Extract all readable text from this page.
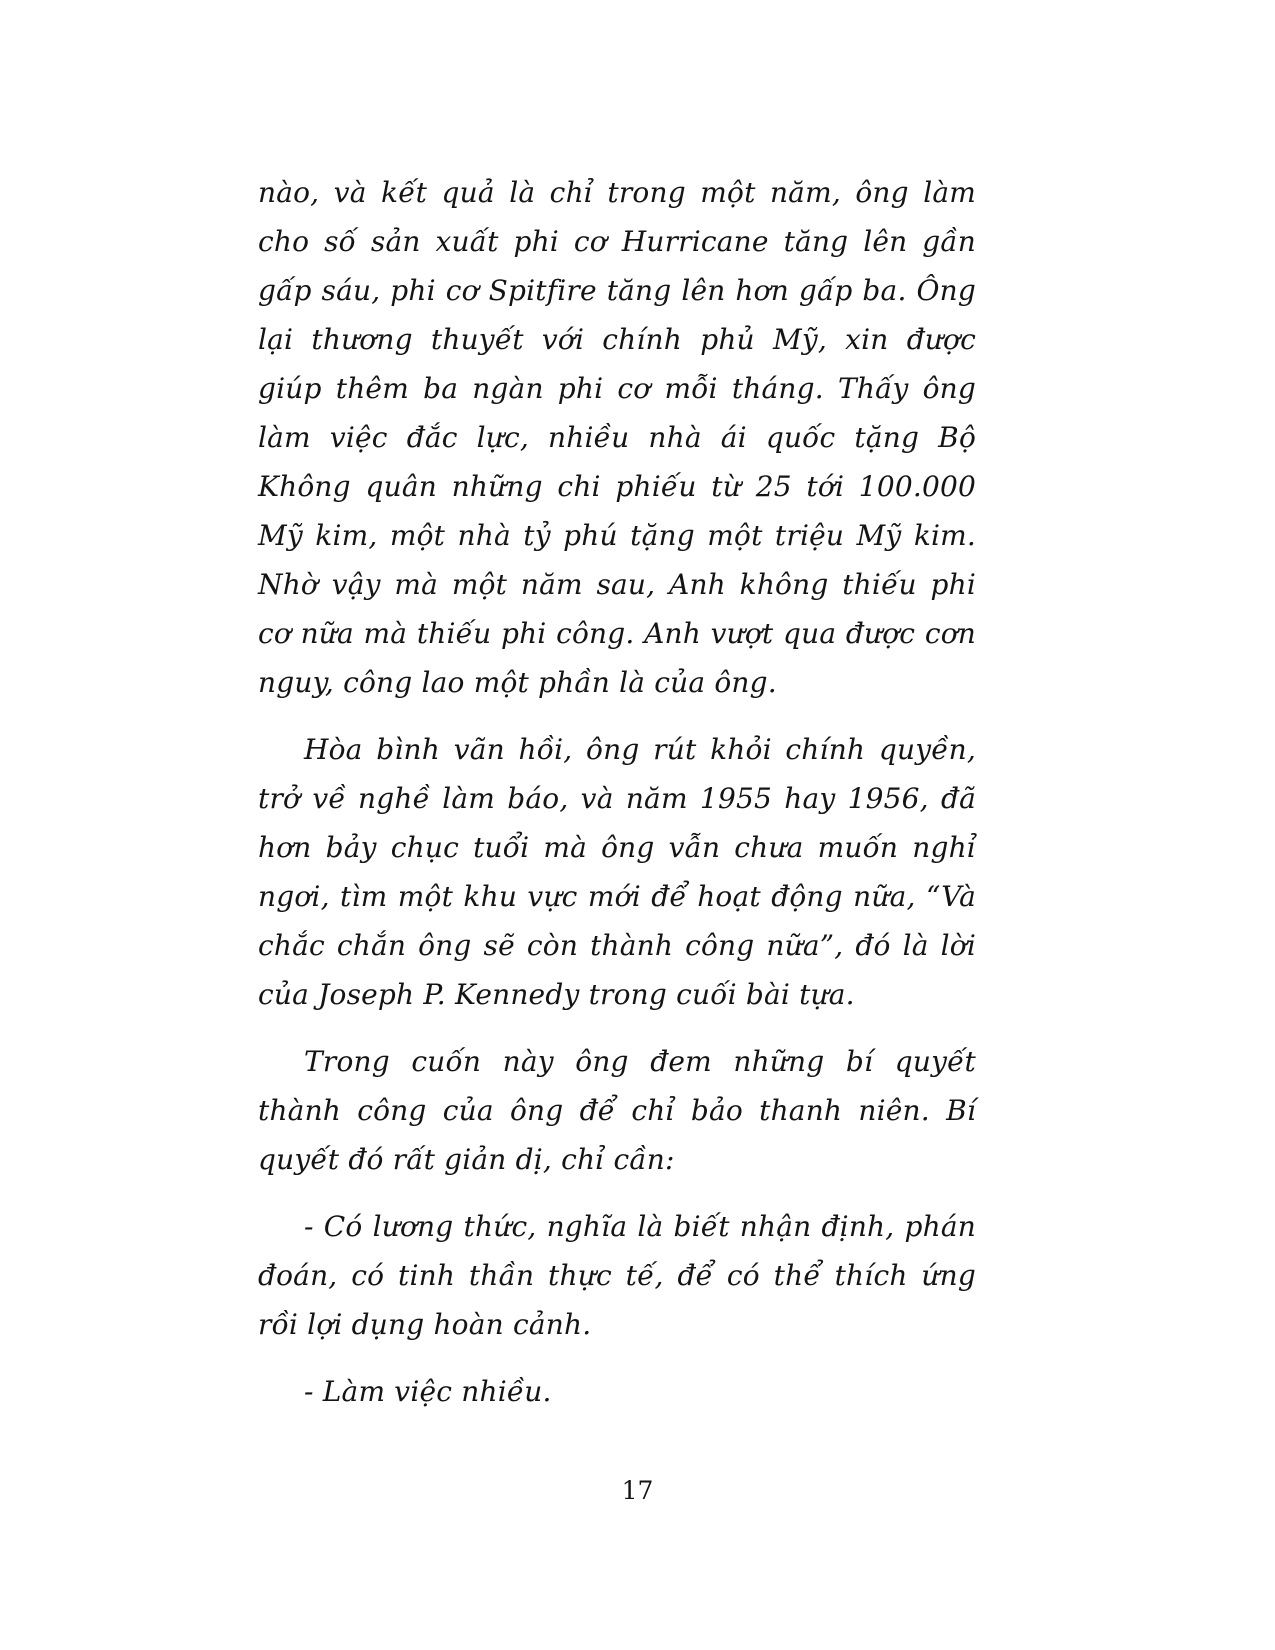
nào, và kết quả là chỉ trong một năm, ông làm cho số sản xuất phi cơ Hurricane tăng lên gần gấp sáu, phi cơ Spitfire tăng lên hơn gấp ba. Ông lại thương thuyết với chính phủ Mỹ, xin được giúp thêm ba ngàn phi cơ mỗi tháng. Thấy ông làm việc đắc lực, nhiều nhà ái quốc tặng Bộ Không quân những chi phiếu từ 25 tới 100.000 Mỹ kim, một nhà tỷ phú tặng một triệu Mỹ kim. Nhờ vậy mà một năm sau, Anh không thiếu phi cơ nữa mà thiếu phi công. Anh vượt qua được cơn nguy, công lao một phần là của ông.

Hòa bình vãn hồi, ông rút khỏi chính quyền, trở về nghề làm báo, và năm 1955 hay 1956, đã hơn bảy chục tuổi mà ông vẫn chưa muốn nghỉ ngơi, tìm một khu vực mới để hoạt động nữa, “Và chắc chắn ông sẽ còn thành công nữa”, đó là lời của Joseph P. Kennedy trong cuối bài tựa.

Trong cuốn này ông đem những bí quyết thành công của ông để chỉ bảo thanh niên. Bí quyết đó rất giản dị, chỉ cần:

- Có lương thức, nghĩa là biết nhận định, phán đoán, có tinh thần thực tế, để có thể thích ứng rồi lợi dụng hoàn cảnh.

- Làm việc nhiều.

17
